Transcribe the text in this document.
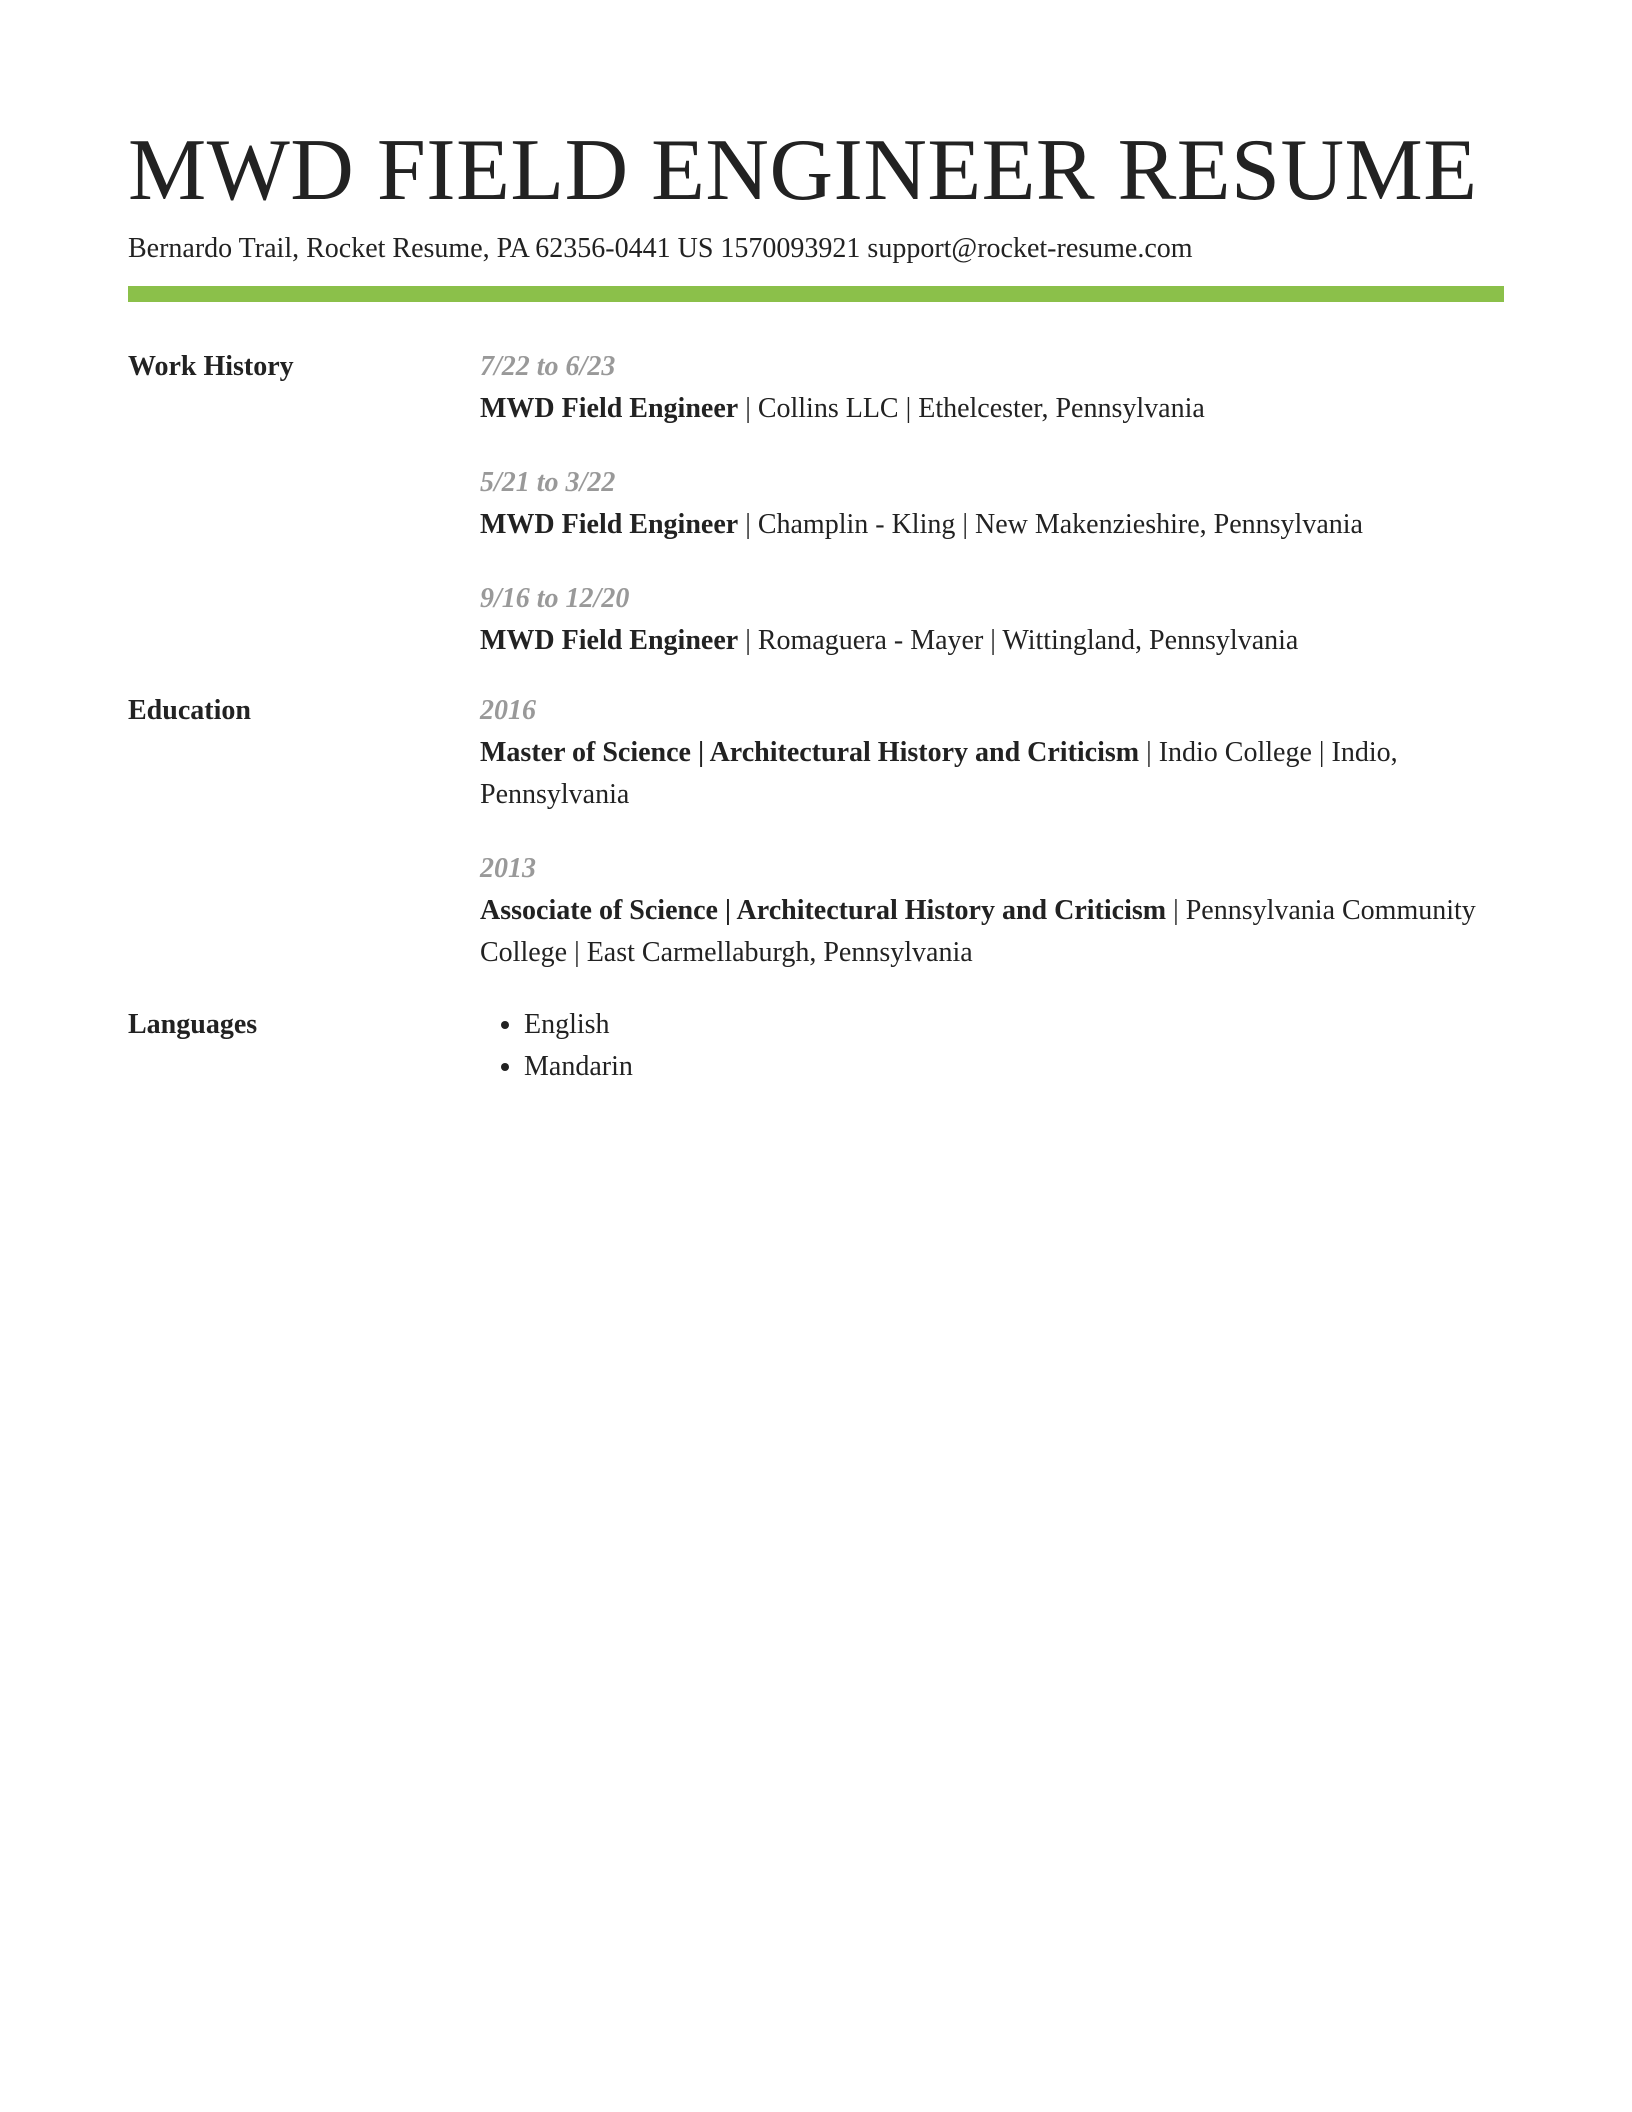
MWD FIELD ENGINEER RESUME
Bernardo Trail, Rocket Resume, PA 62356-0441 US 1570093921 support@rocket-resume.com
Work History	7/22 to 6/23
MWD Field Engineer | Collins LLC | Ethelcester, Pennsylvania
5/21 to 3/22
MWD Field Engineer | Champlin - Kling | New Makenzieshire, Pennsylvania
9/16 to 12/20
MWD Field Engineer | Romaguera - Mayer | Wittingland, Pennsylvania
Education	2016
Master of Science | Architectural History and Criticism | Indio College | Indio, Pennsylvania
2013
Associate of Science | Architectural History and Criticism | Pennsylvania Community College | East Carmellaburgh, Pennsylvania
Languages	• English
• Mandarin
